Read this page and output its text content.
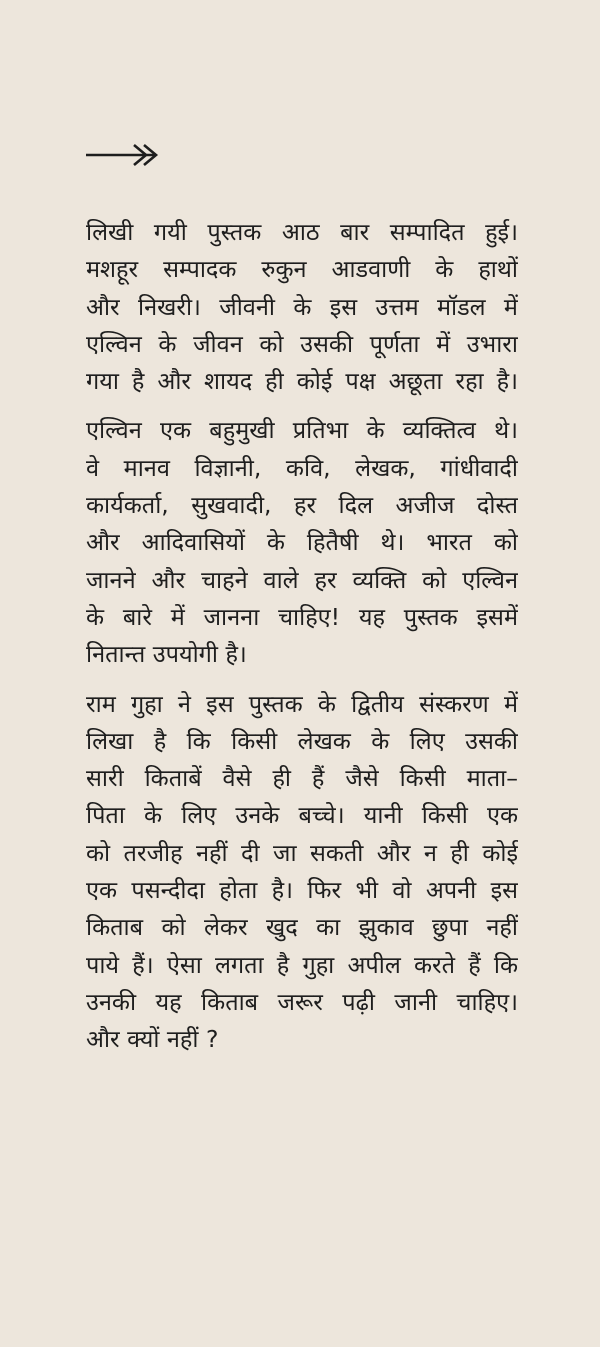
लिखी गयी पुस्तक आठ बार सम्पादित हुई।
मशहूर सम्पादक रुकुन आडवाणी के हाथों
और निखरी। जीवनी के इस उत्तम मॉडल में
एल्विन के जीवन को उसकी पूर्णता में उभारा
गया है और शायद ही कोई पक्ष अछूता रहा है।
एल्विन एक बहुमुखी प्रतिभा के व्यक्तित्व थे।
वे मानव विज्ञानी, कवि, लेखक, गांधीवादी
कार्यकर्ता, सुखवादी, हर दिल अजीज दोस्त
और आदिवासियों के हितैषी थे। भारत को
जानने और चाहने वाले हर व्यक्ति को एल्विन
के बारे में जानना चाहिए! यह पुस्तक इसमें
नितान्त उपयोगी है।
राम गुहा ने इस पुस्तक के द्वितीय संस्करण में
लिखा है कि किसी लेखक के लिए उसकी
सारी किताबें वैसे ही हैं जैसे किसी माता–
पिता के लिए उनके बच्चे। यानी किसी एक
को तरजीह नहीं दी जा सकती और न ही कोई
एक पसन्दीदा होता है। फिर भी वो अपनी इस
किताब को लेकर खुद का झुकाव छुपा नहीं
पाये हैं। ऐसा लगता है गुहा अपील करते हैं कि
उनकी यह किताब जरूर पढ़ी जानी चाहिए।
और क्यों नहीं ?
